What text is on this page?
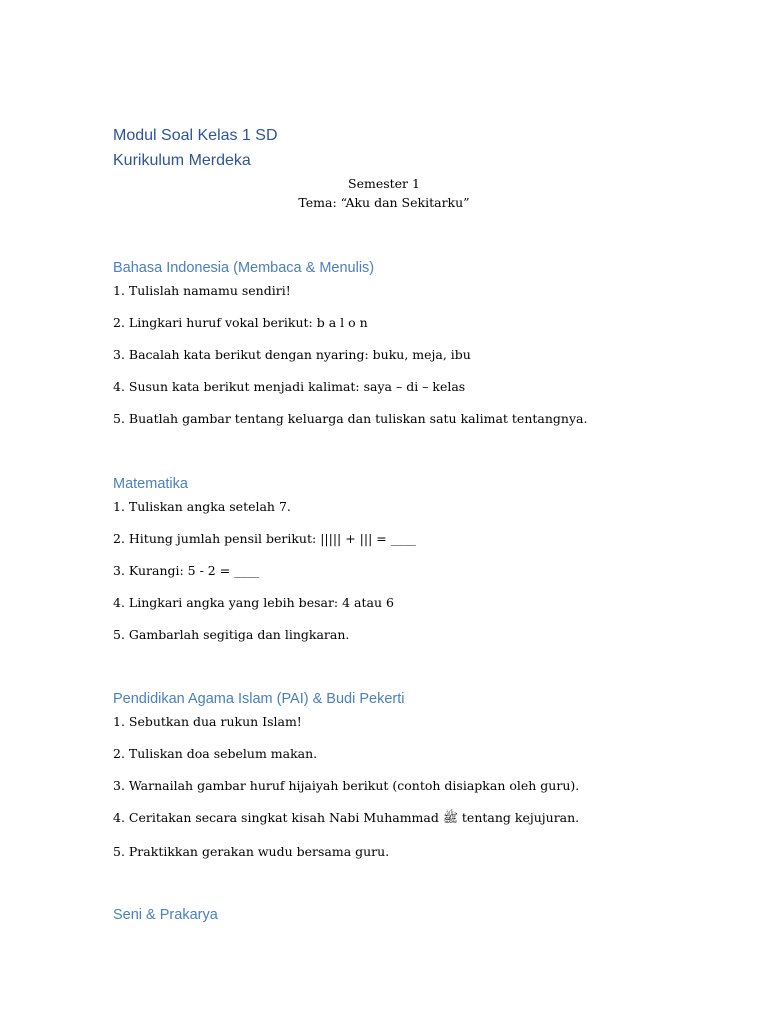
Modul Soal Kelas 1 SD
Kurikulum Merdeka

Semester 1

Tema: “Aku dan Sekitarku”

Bahasa Indonesia (Membaca & Menulis)

1. Tulislah namamu sendiri!

2. Lingkari huruf vokal berikut: b a l o n

3. Bacalah kata berikut dengan nyaring: buku, meja, ibu

4. Susun kata berikut menjadi kalimat: saya – di – kelas

5. Buatlah gambar tentang keluarga dan tuliskan satu kalimat tentangnya.

Matematika

1. Tuliskan angka setelah 7.

2. Hitung jumlah pensil berikut: ||||| + ||| = ____

3. Kurangi: 5 - 2 = ____

4. Lingkari angka yang lebih besar: 4 atau 6

5. Gambarlah segitiga dan lingkaran.

Pendidikan Agama Islam (PAI) & Budi Pekerti

1. Sebutkan dua rukun Islam!

2. Tuliskan doa sebelum makan.

3. Warnailah gambar huruf hijaiyah berikut (contoh disiapkan oleh guru).

4. Ceritakan secara singkat kisah Nabi Muhammad ﷺ tentang kejujuran.

5. Praktikkan gerakan wudu bersama guru.

Seni & Prakarya
